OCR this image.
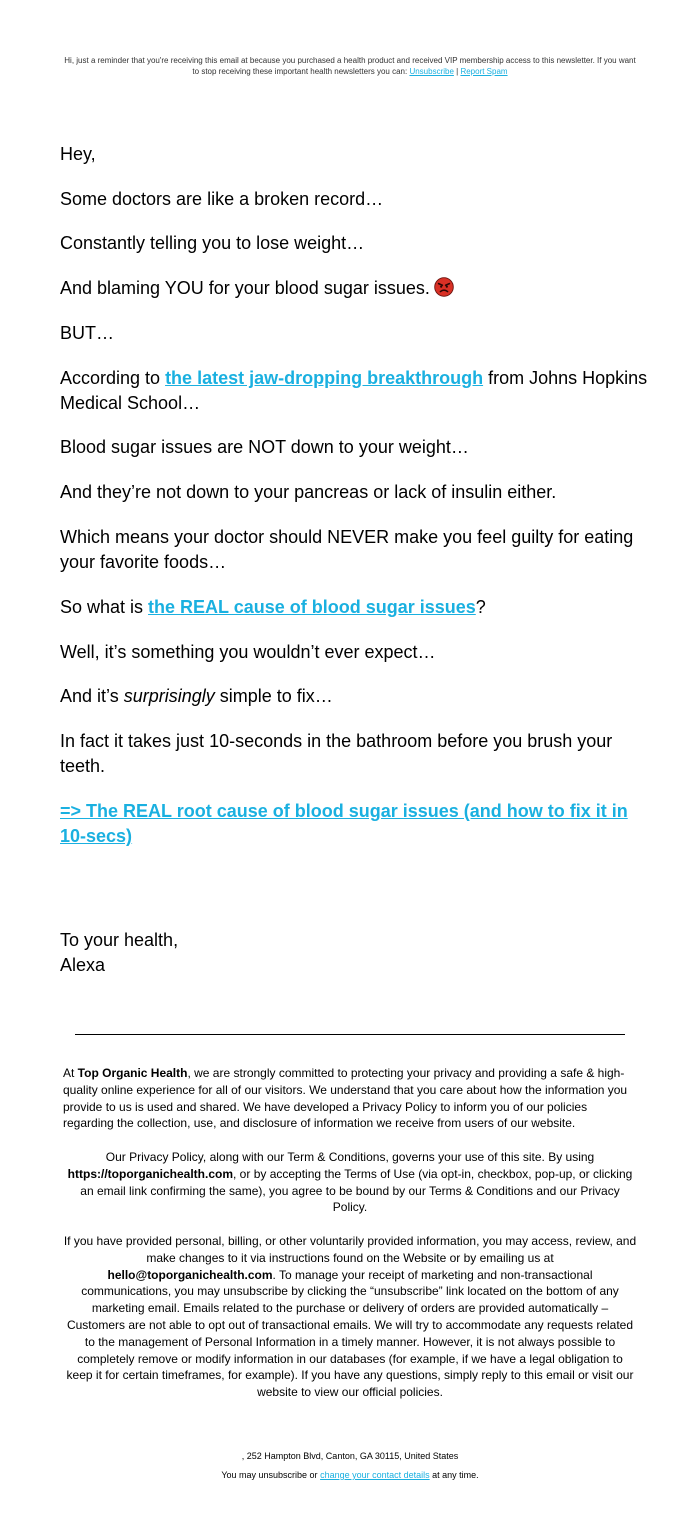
Hi, just a reminder that you're receiving this email at because you purchased a health product and received VIP membership access to this newsletter. If you want to stop receiving these important health newsletters you can: Unsubscribe | Report Spam

Hey,

Some doctors are like a broken record…

Constantly telling you to lose weight…

And blaming YOU for your blood sugar issues.

BUT…

According to the latest jaw-dropping breakthrough from Johns Hopkins Medical School…

Blood sugar issues are NOT down to your weight…

And they’re not down to your pancreas or lack of insulin either.

Which means your doctor should NEVER make you feel guilty for eating your favorite foods…

So what is the REAL cause of blood sugar issues?

Well, it’s something you wouldn’t ever expect…

And it’s surprisingly simple to fix…

In fact it takes just 10-seconds in the bathroom before you brush your teeth.

=> The REAL root cause of blood sugar issues (and how to fix it in 10-secs)

To your health,
Alexa

At Top Organic Health, we are strongly committed to protecting your privacy and providing a safe & high-quality online experience for all of our visitors. We understand that you care about how the information you provide to us is used and shared. We have developed a Privacy Policy to inform you of our policies regarding the collection, use, and disclosure of information we receive from users of our website.

Our Privacy Policy, along with our Term & Conditions, governs your use of this site. By using https://toporganichealth.com, or by accepting the Terms of Use (via opt-in, checkbox, pop-up, or clicking an email link confirming the same), you agree to be bound by our Terms & Conditions and our Privacy Policy.

If you have provided personal, billing, or other voluntarily provided information, you may access, review, and make changes to it via instructions found on the Website or by emailing us at hello@toporganichealth.com. To manage your receipt of marketing and non-transactional communications, you may unsubscribe by clicking the “unsubscribe” link located on the bottom of any marketing email. Emails related to the purchase or delivery of orders are provided automatically – Customers are not able to opt out of transactional emails. We will try to accommodate any requests related to the management of Personal Information in a timely manner. However, it is not always possible to completely remove or modify information in our databases (for example, if we have a legal obligation to keep it for certain timeframes, for example). If you have any questions, simply reply to this email or visit our website to view our official policies.

, 252 Hampton Blvd, Canton, GA 30115, United States
You may unsubscribe or change your contact details at any time.
